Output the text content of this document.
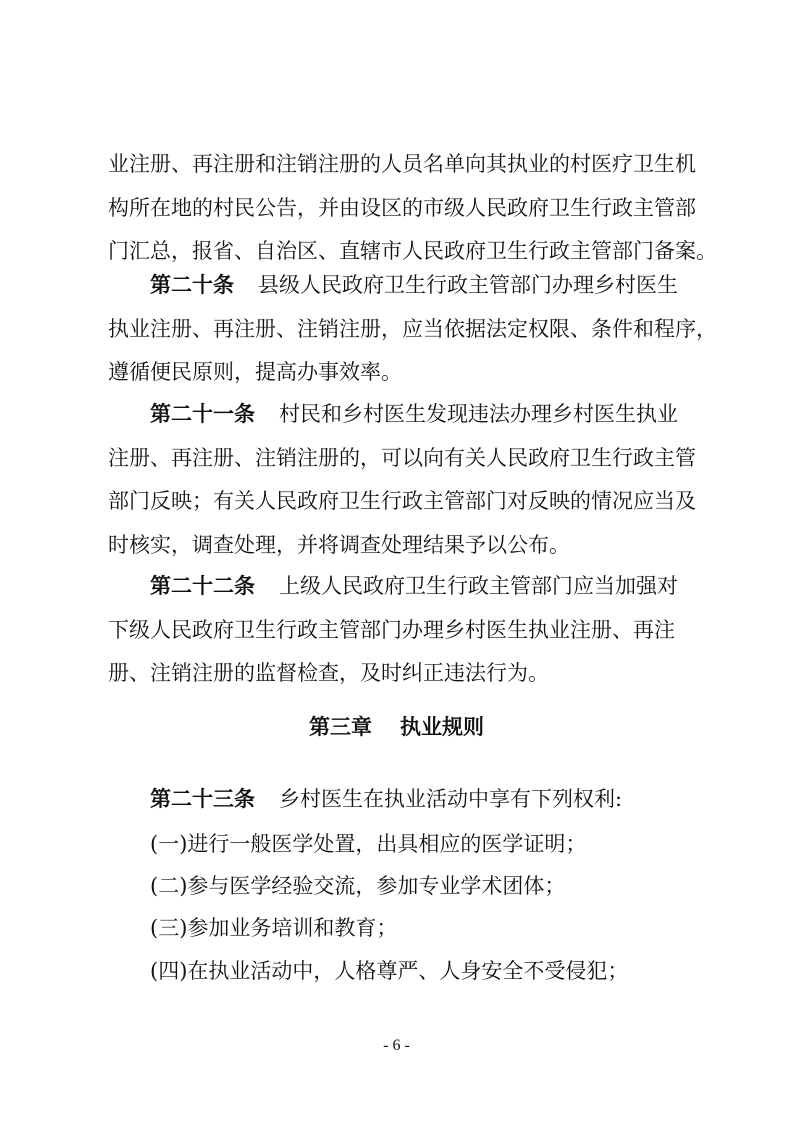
业注册、再注册和注销注册的人员名单向其执业的村医疗卫生机
构所在地的村民公告，并由设区的市级人民政府卫生行政主管部
门汇总，报省、自治区、直辖市人民政府卫生行政主管部门备案。
第二十条 县级人民政府卫生行政主管部门办理乡村医生
执业注册、再注册、注销注册，应当依据法定权限、条件和程序，
遵循便民原则，提高办事效率。
第二十一条 村民和乡村医生发现违法办理乡村医生执业
注册、再注册、注销注册的，可以向有关人民政府卫生行政主管
部门反映；有关人民政府卫生行政主管部门对反映的情况应当及
时核实，调查处理，并将调查处理结果予以公布。
第二十二条 上级人民政府卫生行政主管部门应当加强对
下级人民政府卫生行政主管部门办理乡村医生执业注册、再注
册、注销注册的监督检查，及时纠正违法行为。
第三章 执业规则
第二十三条 乡村医生在执业活动中享有下列权利:
(一)进行一般医学处置，出具相应的医学证明；
(二)参与医学经验交流，参加专业学术团体；
(三)参加业务培训和教育；
(四)在执业活动中，人格尊严、人身安全不受侵犯；
- 6 -
